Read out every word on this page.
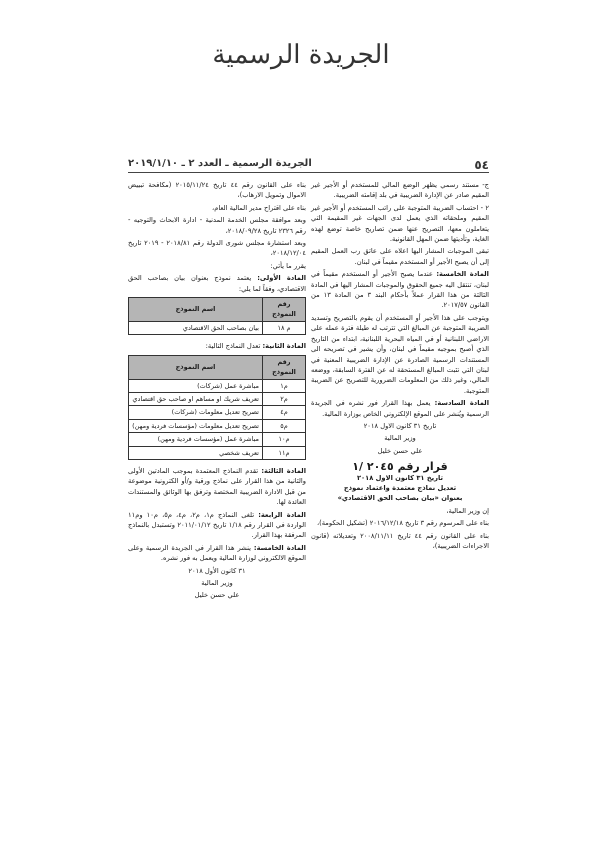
الجريدة الرسمية
٥٤
الجريدة الرسمية ـ العدد ٢ ـ ٢٠١٩/١/١٠

ج- مستند رسمي يظهر الوضع المالي للمستخدم أو الأجير غير المقيم صادر عن الإدارة الضريبية في بلد إقامته الضريبية.

٢ - احتساب الضريبة المتوجبة على راتب المستخدم أو الأجير غير المقيم وملحقاته الذي يعمل لدى الجهات غير المقيمة التي يتعاملون معها، التصريح عنها ضمن تصاريح خاصة توضع لهذه الغاية، وتأديتها ضمن المهل القانونية.

تبقى الموجبات المشار اليها اعلاه على عاتق رب العمل المقيم إلى أن يصبح الأجير أو المستخدم مقيماً في لبنان.

المادة الخامسة: عندما يصبح الأجير أو المستخدم مقيماً في لبنان، تنتقل اليه جميع الحقوق والموجبات المشار اليها في المادة الثالثة من هذا القرار عملاً بأحكام البند ٣ من المادة ١٣ من القانون ٢٠١٧/٥٧.

ويتوجب على هذا الأجير أو المستخدم أن يقوم بالتصريح وتسديد الضريبة المتوجبة عن المبالغ التي تترتب له طيلة فترة عمله على الاراضي اللبنانية أو في المياه البحرية اللبنانية، ابتداء من التاريخ الذي أصبح بموجبه مقيماً في لبنان، وأن يشير في تصريحه الى المستندات الرسمية الصادرة عن الإدارة الضريبية المعنية في لبنان التي تثبت المبالغ المستحقة له عن الفترة السابقة، ووضعه المالي، وغير ذلك من المعلومات الضرورية للتصريح عن الضريبة المتوجبة.

المادة السادسة: يعمل بهذا القرار فور نشره في الجريدة الرسمية ويُنشر على الموقع الإلكتروني الخاص بوزارة المالية.

تاريخ ٣١ كانون الاول ٢٠١٨
وزير المالية
علي حسن خليل
قرار رقم ٢٠٤٥ /١
تاريخ ٣١ كانون الاول ٢٠١٨
تعديل نماذج معتمدة واعتماد نموذج
بعنوان «بيان بصاحب الحق الاقتصادي»

إن وزير المالية،

بناء على المرسوم رقم ٣ تاريخ ٢٠١٦/١٢/١٨ (تشكيل الحكومة)،

بناء على القانون رقم ٤٤ تاريخ ٢٠٠٨/١١/١١ وتعديلاته (قانون الاجراءات الضريبية)،

بناء على القانون رقم ٤٤ تاريخ ٢٠١٥/١١/٢٤ (مكافحة تبييض الاموال وتمويل الارهاب)،

بناء على اقتراح مدير المالية العام،

وبعد موافقة مجلس الخدمة المدنية - ادارة الابحاث والتوجيه - رقم ٢٣٢٦ تاريخ ٢٠١٨/٠٩/٢٨،

وبعد استشارة مجلس شورى الدولة رقم ٢٠١٨/٨١ - ٢٠١٩ تاريخ ٢٠١٨/١٢/٠٤،

يقرر ما يأتي:

المادة الأولى: يعتمد نموذج بعنوان بيان بصاحب الحق الاقتصادي، وفقاً لما يلي:

رقم النموذج	اسم النموذج
م ١٨	بيان بصاحب الحق الاقتصادي

المادة الثانية: تعدل النماذج التالية:

رقم النموذج	اسم النموذج
م١	مباشرة عمل (شركات)
م٢	تعريف شريك او مساهم او صاحب حق اقتصادي
م٤	تصريح تعديل معلومات (شركات)
م٥	تصريح تعديل معلومات (مؤسسات فردية ومهن)
م١٠	مباشرة عمل (مؤسسات فردية ومهن)
م١١	تعريف شخصي

المادة الثالثة: تقدم النماذج المعتمدة بموجب المادتين الأولى والثانية من هذا القرار على نماذج ورقية و/أو الكترونية موضوعة من قبل الادارة الضريبية المختصة وترفق بها الوثائق والمستندات العائدة لها.

المادة الرابعة: تلغى النماذج م١، م٢، م٤، م٥، م١٠ وم١١ الواردة في القرار رقم ١/١٨ تاريخ ٢٠١١/٠١/١٢ وتستبدل بالنماذج المرفقة بهذا القرار.

المادة الخامسة: ينشر هذا القرار في الجريدة الرسمية وعلى الموقع الالكتروني لوزارة المالية ويعمل به فور نشره.

٣١ كانون الأول ٢٠١٨
وزير المالية
علي حسن خليل
